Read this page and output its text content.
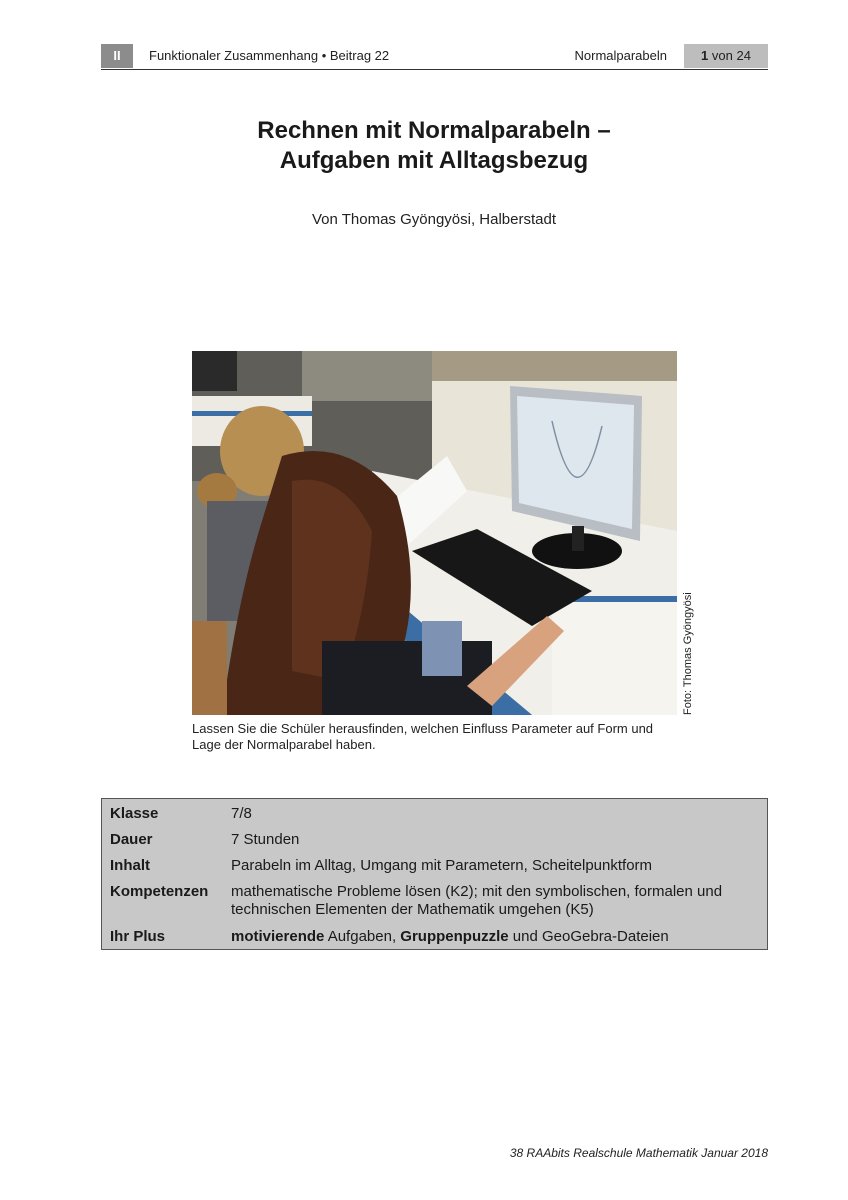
II	Funktionaler Zusammenhang • Beitrag 22	Normalparabeln	1 von 24
Rechnen mit Normalparabeln –
Aufgaben mit Alltagsbezug
Von Thomas Gyöngyösi, Halberstadt
Foto: Thomas Gyöngyösi
Lassen Sie die Schüler herausfinden, welchen Einfluss Parameter auf Form und
Lage der Normalparabel haben.
Klasse	7/8
Dauer	7 Stunden
Inhalt	Parabeln im Alltag, Umgang mit Parametern, Scheitelpunktform
Kompetenzen	mathematische Probleme lösen (K2); mit den symbolischen, formalen und
technischen Elementen der Mathematik umgehen (K5)
Ihr Plus	motivierende Aufgaben, Gruppenpuzzle und GeoGebra-Dateien
38 RAAbits Realschule Mathematik Januar 2018
